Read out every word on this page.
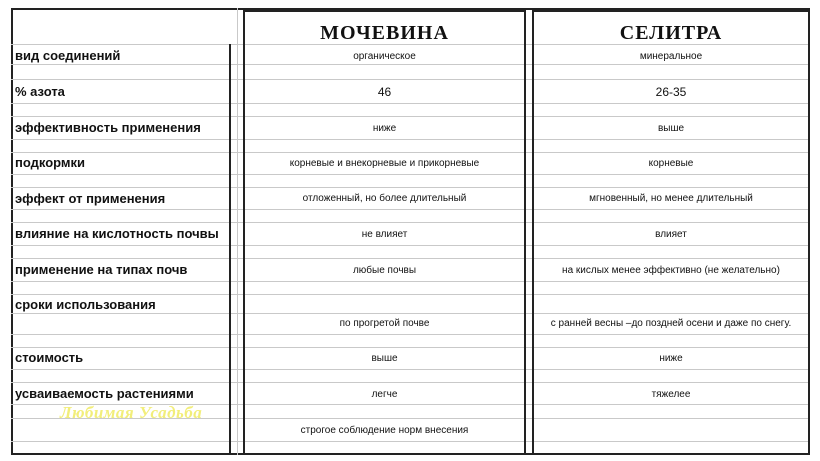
МОЧЕВИНА	СЕЛИТРА
вид соединений
% азота
эффективность применения
подкормки
эффект от применения
влияние на кислотность почвы
применение на типах почв
сроки использования
стоимость
усваиваемость растениями
органическое
46
ниже
корневые и внекорневые и прикорневые
отложенный, но более длительный
не влияет
любые почвы
по прогретой почве
выше
легче
строгое соблюдение норм внесения
минеральное
26-35
выше
корневые
мгновенный, но менее длительный
влияет
на кислых менее эффективно (не желательно)
с ранней весны –до поздней осени и даже по снегу.
ниже
тяжелее
Любимая Усадьба
